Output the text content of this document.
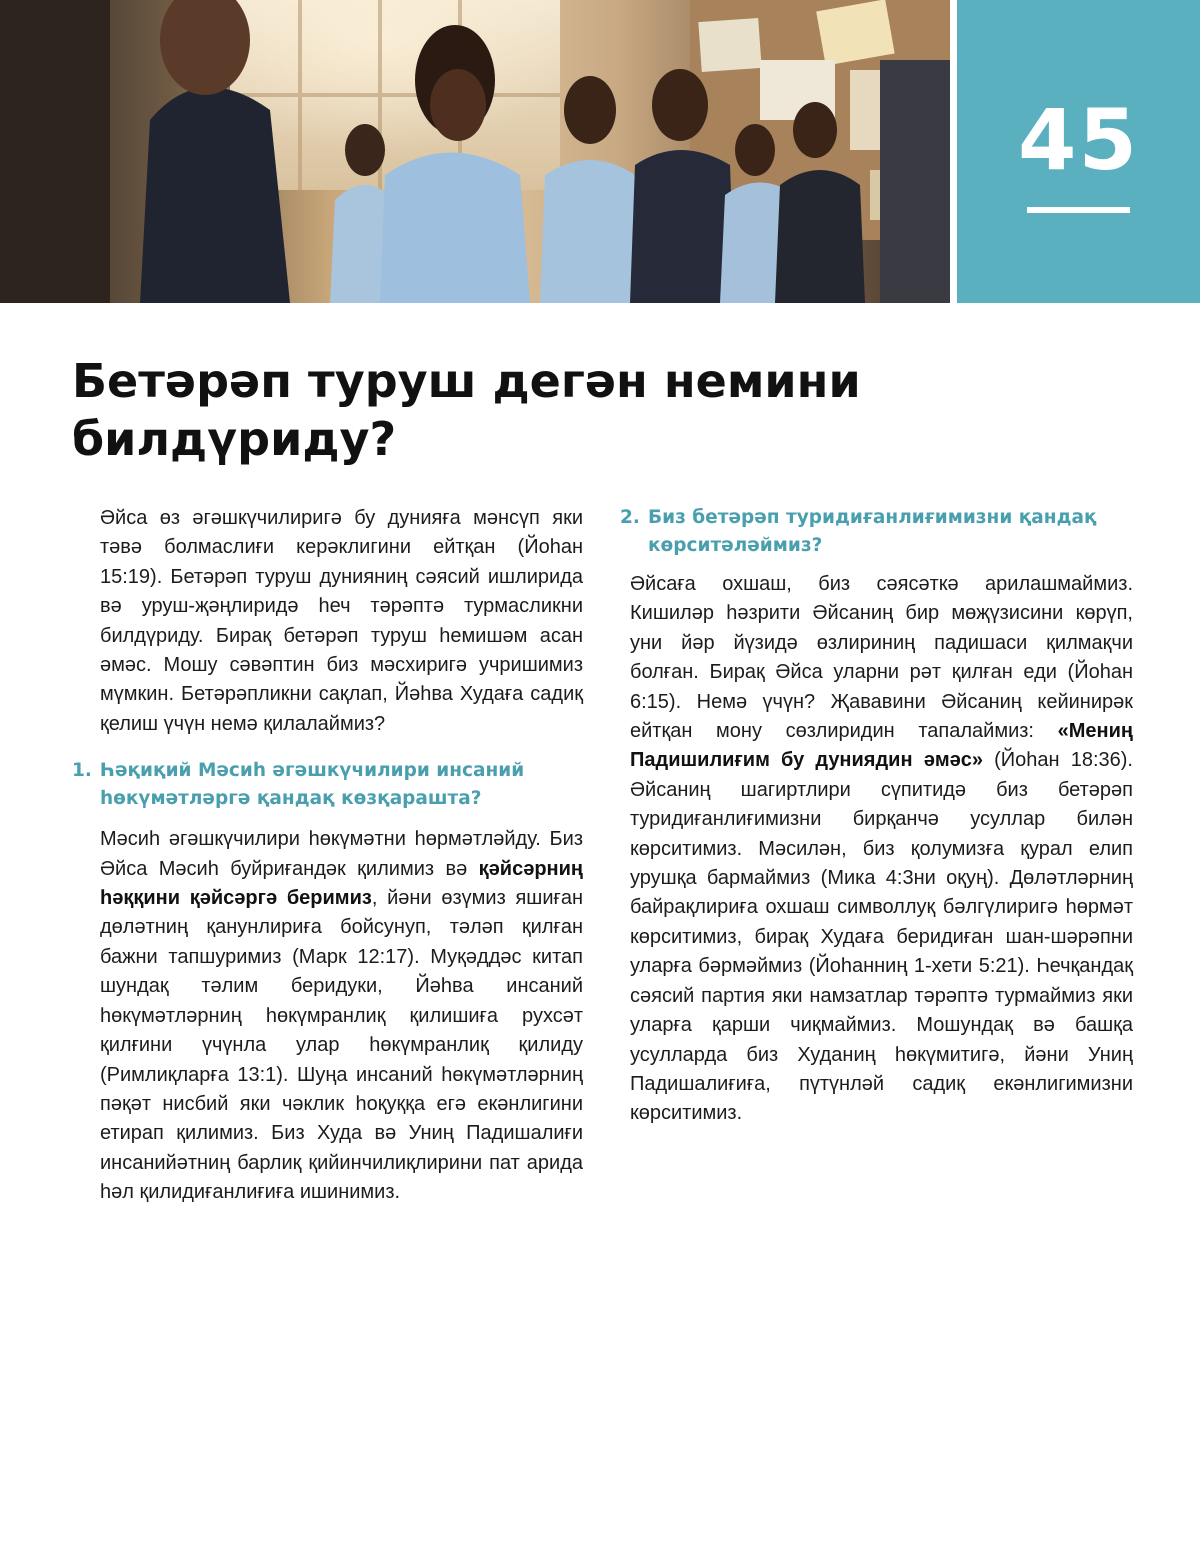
45
Бетәрәп туруш дегән немини билдүриду?

Әйса өз әгәшкүчилиригә бу дунияға мәнсүп яки тәвә болмаслиғи керәклигини ейтқан (Йоһан 15:19). Бетәрәп туруш дунияниң сәясий ишлирида вә уруш-җәңлиридә һеч тәрәптә турмасликни билдүриду. Бирақ бетәрәп туруш һемишәм асан әмәс. Мошу сәвәптин биз мәсхиригә учришимиз мүмкин. Бетәрәпликни сақлап, Йәһва Худаға садиқ қелиш үчүн немә қилалаймиз?

1. Һәқиқий Мәсиһ әгәшкүчилири инсаний һөкүмәтләргә қандақ көзқараштa?

Мәсиһ әгәшкүчилири һөкүмәтни һөрмәтләйду. Биз Әйса Мәсиһ буйриғандәк қилимиз вә қәйсәрниң һәққини қәйсәргә беримиз, йәни өзүмиз яшиған дөләтниң қанунлириға бойсунуп, тәләп қилған бажни тапшуримиз (Марк 12:17). Муқәддәс китап шундақ тәлим беридуки, Йәһва инсаний һөкүмәтләрниң һөкүмранлиқ қилишиға рухсәт қилғини үчүнла улар һөкүмранлиқ қилиду (Римлиқларға 13:1). Шуңа инсаний һөкүмәтләрниң пәқәт нисбий яки чәклик һоқуққа егә екәнлигини етирап қилимиз. Биз Худа вә Униң Падишалиғи инсанийәтниң барлиқ қийинчилиқлирини пат арида һәл қилидиғанлиғиға ишинимиз.

2. Биз бетәрәп туридиғанлиғимизни қандақ көрситәләймиз?

Әйсаға охшаш, биз сәясәткә арилашмаймиз. Кишиләр һәзрити Әйсаниң бир мөҗүзисини көрүп, уни йәр йүзидә өзлириниң падишаси қилмақчи болған. Бирақ Әйса уларни рәт қилған еди (Йоһан 6:15). Немә үчүн? Җававини Әйсаниң кейинирәк ейтқан мону сөзлиридин тапалаймиз: «Мениң Падишилиғим бу дуниядин әмәс» (Йоһан 18:36). Әйсаниң шагиртлири сүпитидә биз бетәрәп туридиғанлиғимизни бирқанчә усуллар билән көрситимиз. Мәсилән, биз қолумизға қурал елип урушқа бармаймиз (Мика 4:3ни оқуң). Дөләтләрниң байрақлириға охшаш символлуқ бәлгүлиригә һөрмәт көрситимиз, бирақ Худаға беридиған шан-шәрәпни уларға бәрмәймиз (Йоһанниң 1-хети 5:21). Һечқандақ сәясий партия яки намзатлар тәрәптә турмаймиз яки уларға қарши чиқмаймиз. Мошундақ вә башқа усулларда биз Худаниң һөкүмитигә, йәни Униң Падишалиғиға, пүтүнләй садиқ екәнлигимизни көрситимиз.
